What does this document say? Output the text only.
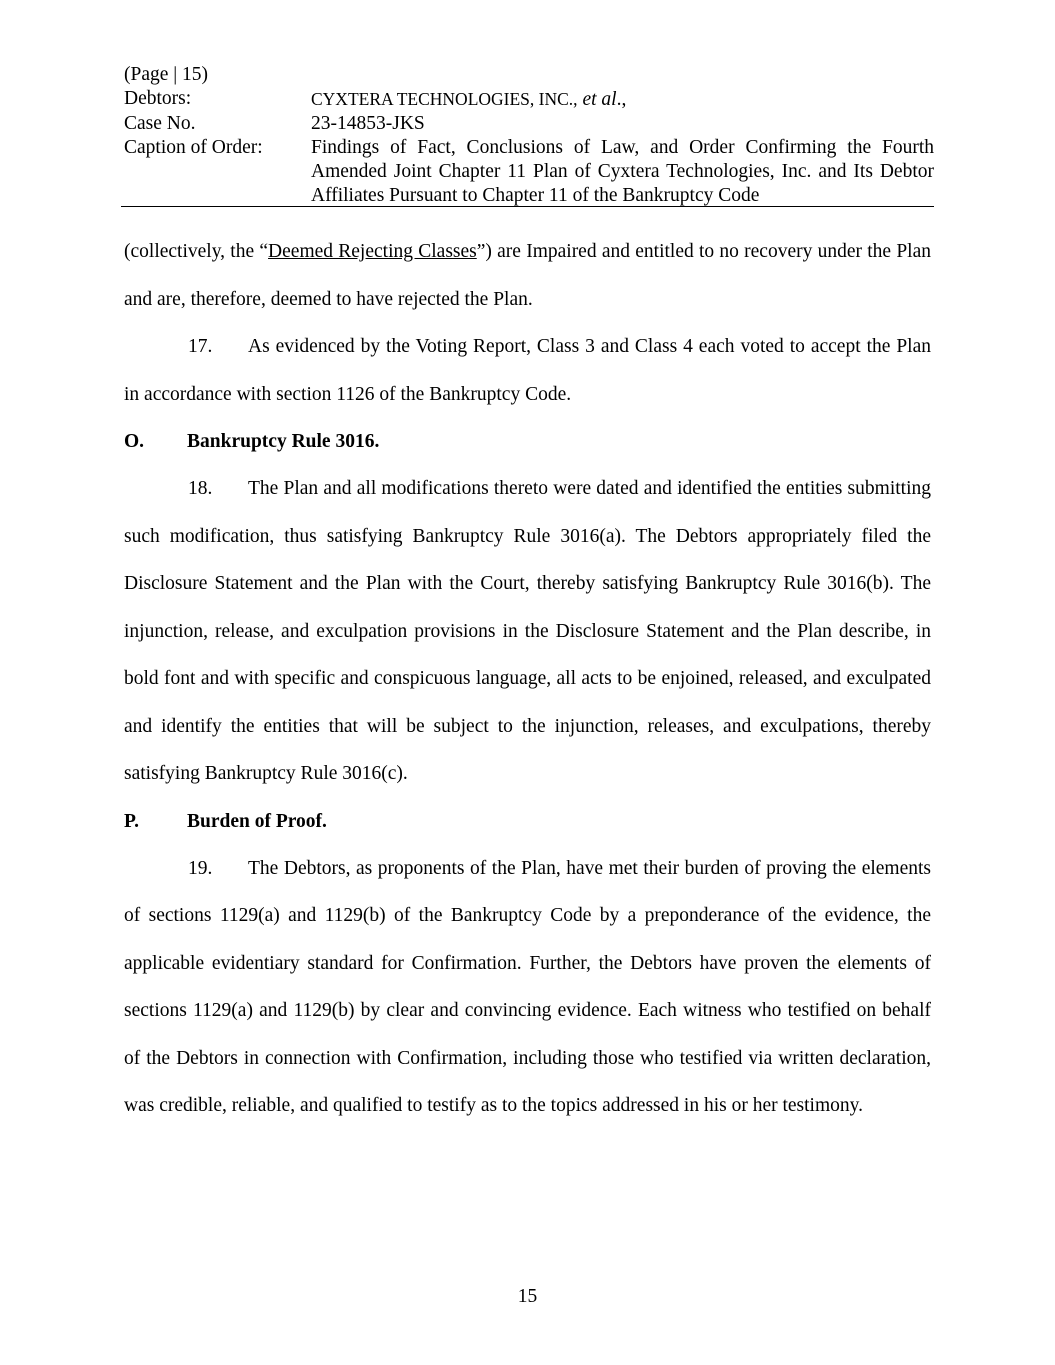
(Page | 15)
Debtors:	CYXTERA TECHNOLOGIES, INC., et al.,
Case No.	23-14853-JKS
Caption of Order:	Findings of Fact, Conclusions of Law, and Order Confirming the Fourth Amended Joint Chapter 11 Plan of Cyxtera Technologies, Inc. and Its Debtor Affiliates Pursuant to Chapter 11 of the Bankruptcy Code

(collectively, the “Deemed Rejecting Classes”) are Impaired and entitled to no recovery under the Plan and are, therefore, deemed to have rejected the Plan.

17. As evidenced by the Voting Report, Class 3 and Class 4 each voted to accept the Plan in accordance with section 1126 of the Bankruptcy Code.

O.	Bankruptcy Rule 3016.

18. The Plan and all modifications thereto were dated and identified the entities submitting such modification, thus satisfying Bankruptcy Rule 3016(a). The Debtors appropriately filed the Disclosure Statement and the Plan with the Court, thereby satisfying Bankruptcy Rule 3016(b). The injunction, release, and exculpation provisions in the Disclosure Statement and the Plan describe, in bold font and with specific and conspicuous language, all acts to be enjoined, released, and exculpated and identify the entities that will be subject to the injunction, releases, and exculpations, thereby satisfying Bankruptcy Rule 3016(c).

P.	Burden of Proof.

19. The Debtors, as proponents of the Plan, have met their burden of proving the elements of sections 1129(a) and 1129(b) of the Bankruptcy Code by a preponderance of the evidence, the applicable evidentiary standard for Confirmation. Further, the Debtors have proven the elements of sections 1129(a) and 1129(b) by clear and convincing evidence. Each witness who testified on behalf of the Debtors in connection with Confirmation, including those who testified via written declaration, was credible, reliable, and qualified to testify as to the topics addressed in his or her testimony.

15
